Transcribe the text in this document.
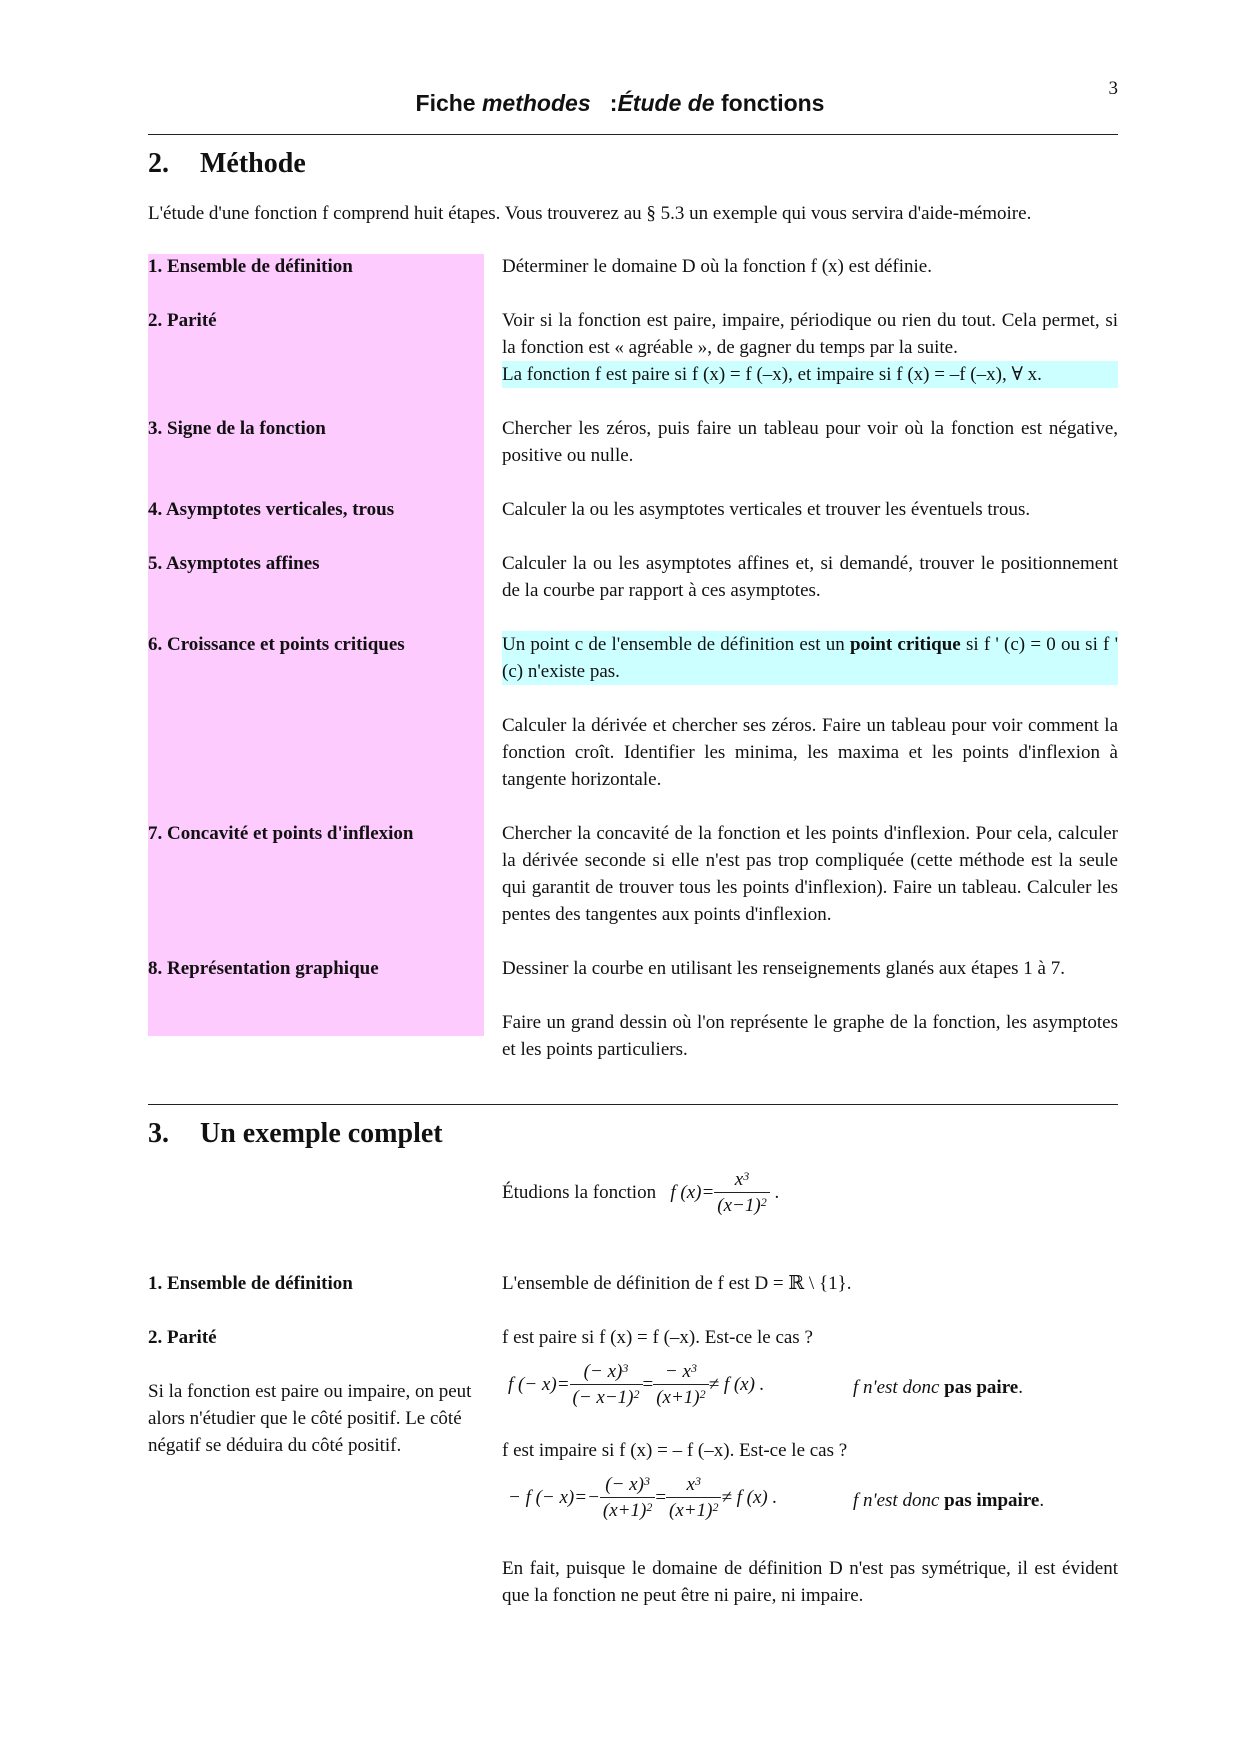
3
Fiche methodes :Étude de fonctions
2. Méthode
L'étude d'une fonction f comprend huit étapes. Vous trouverez au § 5.3 un exemple qui vous servira d'aide-mémoire.
1. Ensemble de définition	Déterminer le domaine D où la fonction f (x) est définie.
2. Parité	Voir si la fonction est paire, impaire, périodique ou rien du tout. Cela permet, si la fonction est « agréable », de gagner du temps par la suite.
La fonction f est paire si f (x) = f (–x), et impaire si f (x) = –f (–x), ∀ x.
3. Signe de la fonction	Chercher les zéros, puis faire un tableau pour voir où la fonction est négative, positive ou nulle.
4. Asymptotes verticales, trous	Calculer la ou les asymptotes verticales et trouver les éventuels trous.
5. Asymptotes affines	Calculer la ou les asymptotes affines et, si demandé, trouver le positionnement de la courbe par rapport à ces asymptotes.
6. Croissance et points critiques	Un point c de l'ensemble de définition est un point critique si f ' (c) = 0 ou si f ' (c) n'existe pas.
Calculer la dérivée et chercher ses zéros. Faire un tableau pour voir comment la fonction croît. Identifier les minima, les maxima et les points d'inflexion à tangente horizontale.
7. Concavité et points d'inflexion	Chercher la concavité de la fonction et les points d'inflexion. Pour cela, calculer la dérivée seconde si elle n'est pas trop compliquée (cette méthode est la seule qui garantit de trouver tous les points d'inflexion). Faire un tableau. Calculer les pentes des tangentes aux points d'inflexion.
8. Représentation graphique	Dessiner la courbe en utilisant les renseignements glanés aux étapes 1 à 7.
Faire un grand dessin où l'on représente le graphe de la fonction, les asymptotes et les points particuliers.
3. Un exemple complet
Étudions la fonction f $(x)= \frac{x^3}{(x-1)^2}$ .
1. Ensemble de définition	L'ensemble de définition de f est D = ℝ \ {1}.
2. Parité
Si la fonction est paire ou impaire, on peut alors n'étudier que le côté positif. Le côté négatif se déduira du côté positif.
f est paire si f (x) = f (–x). Est-ce le cas ?
f (− $x)= \frac{(- x)^3}{(- x-1)^2} = \frac{- x^3}{(x+1)^2} \ne f$ (x) .	f n'est donc pas paire.
f est impaire si f (x) = – f (–x). Est-ce le cas ?
− f (− $x)=- \frac{(- x)^3}{(x+1)^2} = \frac{x^3}{(x+1)^2} \ne f$ (x) .	f n'est donc pas impaire.
En fait, puisque le domaine de définition D n'est pas symétrique, il est évident que la fonction ne peut être ni paire, ni impaire.
